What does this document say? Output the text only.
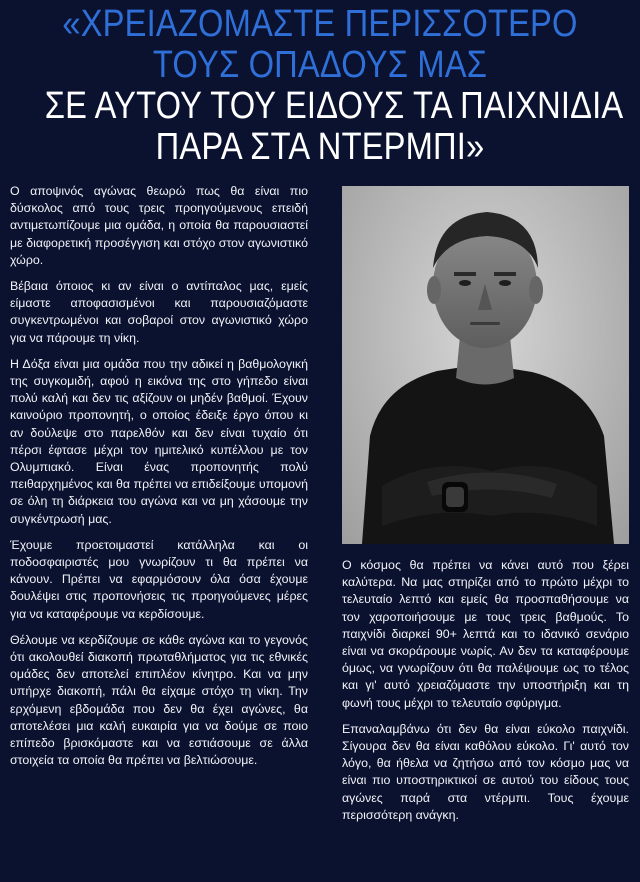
«ΧΡΕΙΑΖΟΜΑΣΤΕ ΠΕΡΙΣΣΟΤΕΡΟ
ΤΟΥΣ ΟΠΑΔΟΥΣ ΜΑΣ
ΣΕ ΑΥΤΟΥ ΤΟΥ ΕΙΔΟΥΣ ΤΑ ΠΑΙΧΝΙΔΙΑ
ΠΑΡΑ ΣΤΑ ΝΤΕΡΜΠΙ»

Ο αποψινός αγώνας θεωρώ πως θα είναι πιο δύσκολος από τους τρεις προηγούμενους επειδή αντιμετωπίζουμε μια ομάδα, η οποία θα παρουσιαστεί με διαφορετική προσέγγιση και στόχο στον αγωνιστικό χώρο.

Βέβαια όποιος κι αν είναι ο αντίπαλος μας, εμείς είμαστε αποφασισμένοι και παρουσιαζόμαστε συγκεντρωμένοι και σοβαροί στον αγωνιστικό χώρο για να πάρουμε τη νίκη.

Η Δόξα είναι μια ομάδα που την αδικεί η βαθμολογική της συγκομιδή, αφού η εικόνα της στο γήπεδο είναι πολύ καλή και δεν τις αξίζουν οι μηδέν βαθμοί. Έχουν καινούριο προπονητή, ο οποίος έδειξε έργο όπου κι αν δούλεψε στο παρελθόν και δεν είναι τυχαίο ότι πέρσι έφτασε μέχρι τον ημιτελικό κυπέλλου με τον Ολυμπιακό. Είναι ένας προπονητής πολύ πειθαρχημένος και θα πρέπει να επιδείξουμε υπομονή σε όλη τη διάρκεια του αγώνα και να μη χάσουμε την συγκέντρωσή μας.

Έχουμε προετοιμαστεί κατάλληλα και οι ποδοσφαιριστές μου γνωρίζουν τι θα πρέπει να κάνουν. Πρέπει να εφαρμόσουν όλα όσα έχουμε δουλέψει στις προπονήσεις τις προηγούμενες μέρες για να καταφέρουμε να κερδίσουμε.

Θέλουμε να κερδίζουμε σε κάθε αγώνα και το γεγονός ότι ακολουθεί διακοπή πρωταθλήματος για τις εθνικές ομάδες δεν αποτελεί επιπλέον κίνητρο. Και να μην υπήρχε διακοπή, πάλι θα είχαμε στόχο τη νίκη. Την ερχόμενη εβδομάδα που δεν θα έχει αγώνες, θα αποτελέσει μια καλή ευκαιρία για να δούμε σε ποιο επίπεδο βρισκόμαστε και να εστιάσουμε σε άλλα στοιχεία τα οποία θα πρέπει να βελτιώσουμε.

Ο κόσμος θα πρέπει να κάνει αυτό που ξέρει καλύτερα. Να μας στηρίζει από το πρώτο μέχρι το τελευταίο λεπτό και εμείς θα προσπαθήσουμε να τον χαροποιήσουμε με τους τρεις βαθμούς. Το παιχνίδι διαρκεί 90+ λεπτά και το ιδανικό σενάριο είναι να σκοράρουμε νωρίς. Αν δεν τα καταφέρουμε όμως, να γνωρίζουν ότι θα παλέψουμε ως το τέλος και γι' αυτό χρειαζόμαστε την υποστήριξη και τη φωνή τους μέχρι το τελευταίο σφύριγμα.

Επαναλαμβάνω ότι δεν θα είναι εύκολο παιχνίδι. Σίγουρα δεν θα είναι καθόλου εύκολο. Γι' αυτό τον λόγο, θα ήθελα να ζητήσω από τον κόσμο μας να είναι πιο υποστηρικτικοί σε αυτού του είδους τους αγώνες παρά στα ντέρμπι. Τους έχουμε περισσότερη ανάγκη.
